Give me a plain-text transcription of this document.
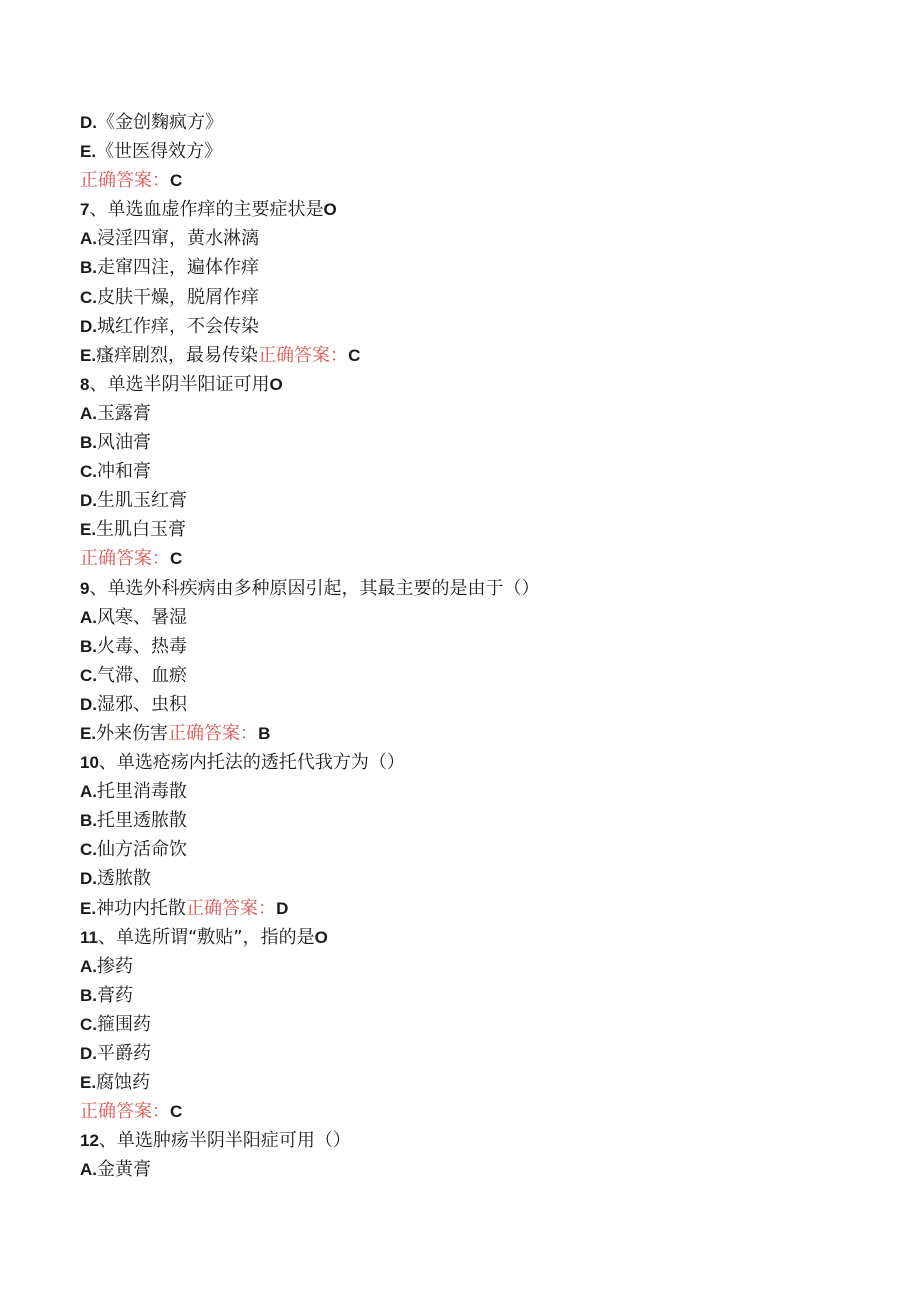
D.《金创麴疯方》
E.《世医得效方》
正确答案：C
7、单选血虚作痒的主要症状是O
A.浸淫四窜，黄水淋漓
B.走窜四注，遍体作痒
C.皮肤干燥，脱屑作痒
D.城红作痒，不会传染
E.瘙痒剧烈，最易传染正确答案：C
8、单选半阴半阳证可用O
A.玉露膏
B.风油膏
C.冲和膏
D.生肌玉红膏
E.生肌白玉膏
正确答案：C
9、单选外科疾病由多种原因引起，其最主要的是由于（）
A.风寒、暑湿
B.火毒、热毒
C.气滞、血瘀
D.湿邪、虫积
E.外来伤害正确答案：B
10、单选疮疡内托法的透托代我方为（）
A.托里消毒散
B.托里透脓散
C.仙方活命饮
D.透脓散
E.神功内托散正确答案：D
11、单选所谓“敷贴”，指的是O
A.掺药
B.膏药
C.箍围药
D.平爵药
E.腐蚀药
正确答案：C
12、单选肿疡半阴半阳症可用（）
A.金黄膏
